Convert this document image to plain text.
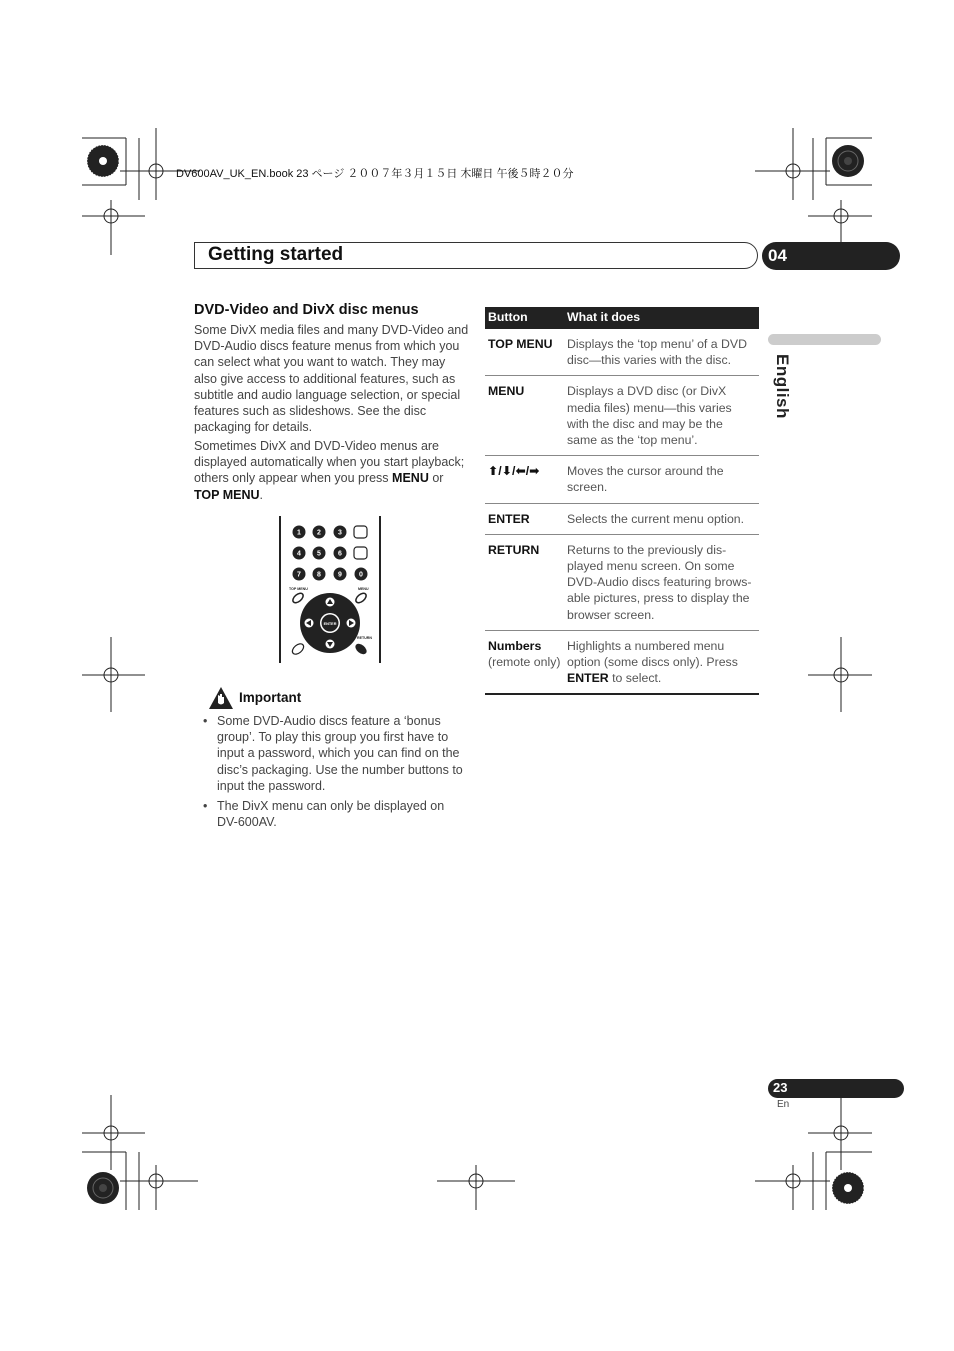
DV600AV_UK_EN.book 23 ページ ２００７年３月１５日 木曜日 午後５時２０分
Getting started	04
English
DVD-Video and DivX disc menus
Some DivX media files and many DVD-Video and DVD-Audio discs feature menus from which you can select what you want to watch. They may also give access to additional features, such as subtitle and audio language selection, or special features such as slideshows. See the disc packaging for details.
Sometimes DivX and DVD-Video menus are displayed automatically when you start playback; others only appear when you press MENU or TOP MENU.
1 2 3
4 5 6
7 8 9 0
TOP MENU	MENU
RETURN
ENTER
Important
• Some DVD-Audio discs feature a ‘bonus group’. To play this group you first have to input a password, which you can find on the disc’s packaging. Use the number buttons to input the password.
• The DivX menu can only be displayed on DV-600AV.
Button	What it does
TOP MENU	Displays the ‘top menu’ of a DVD disc—this varies with the disc.
MENU	Displays a DVD disc (or DivX media files) menu—this varies with the disc and may be the same as the ‘top menu’.
⬆/⬇/⬅/➡	Moves the cursor around the screen.
ENTER	Selects the current menu option.
RETURN	Returns to the previously dis-played menu screen. On some DVD-Audio discs featuring brows-able pictures, press to display the browser screen.
Numbers
(remote only)	Highlights a numbered menu option (some discs only). Press ENTER to select.
23
En
